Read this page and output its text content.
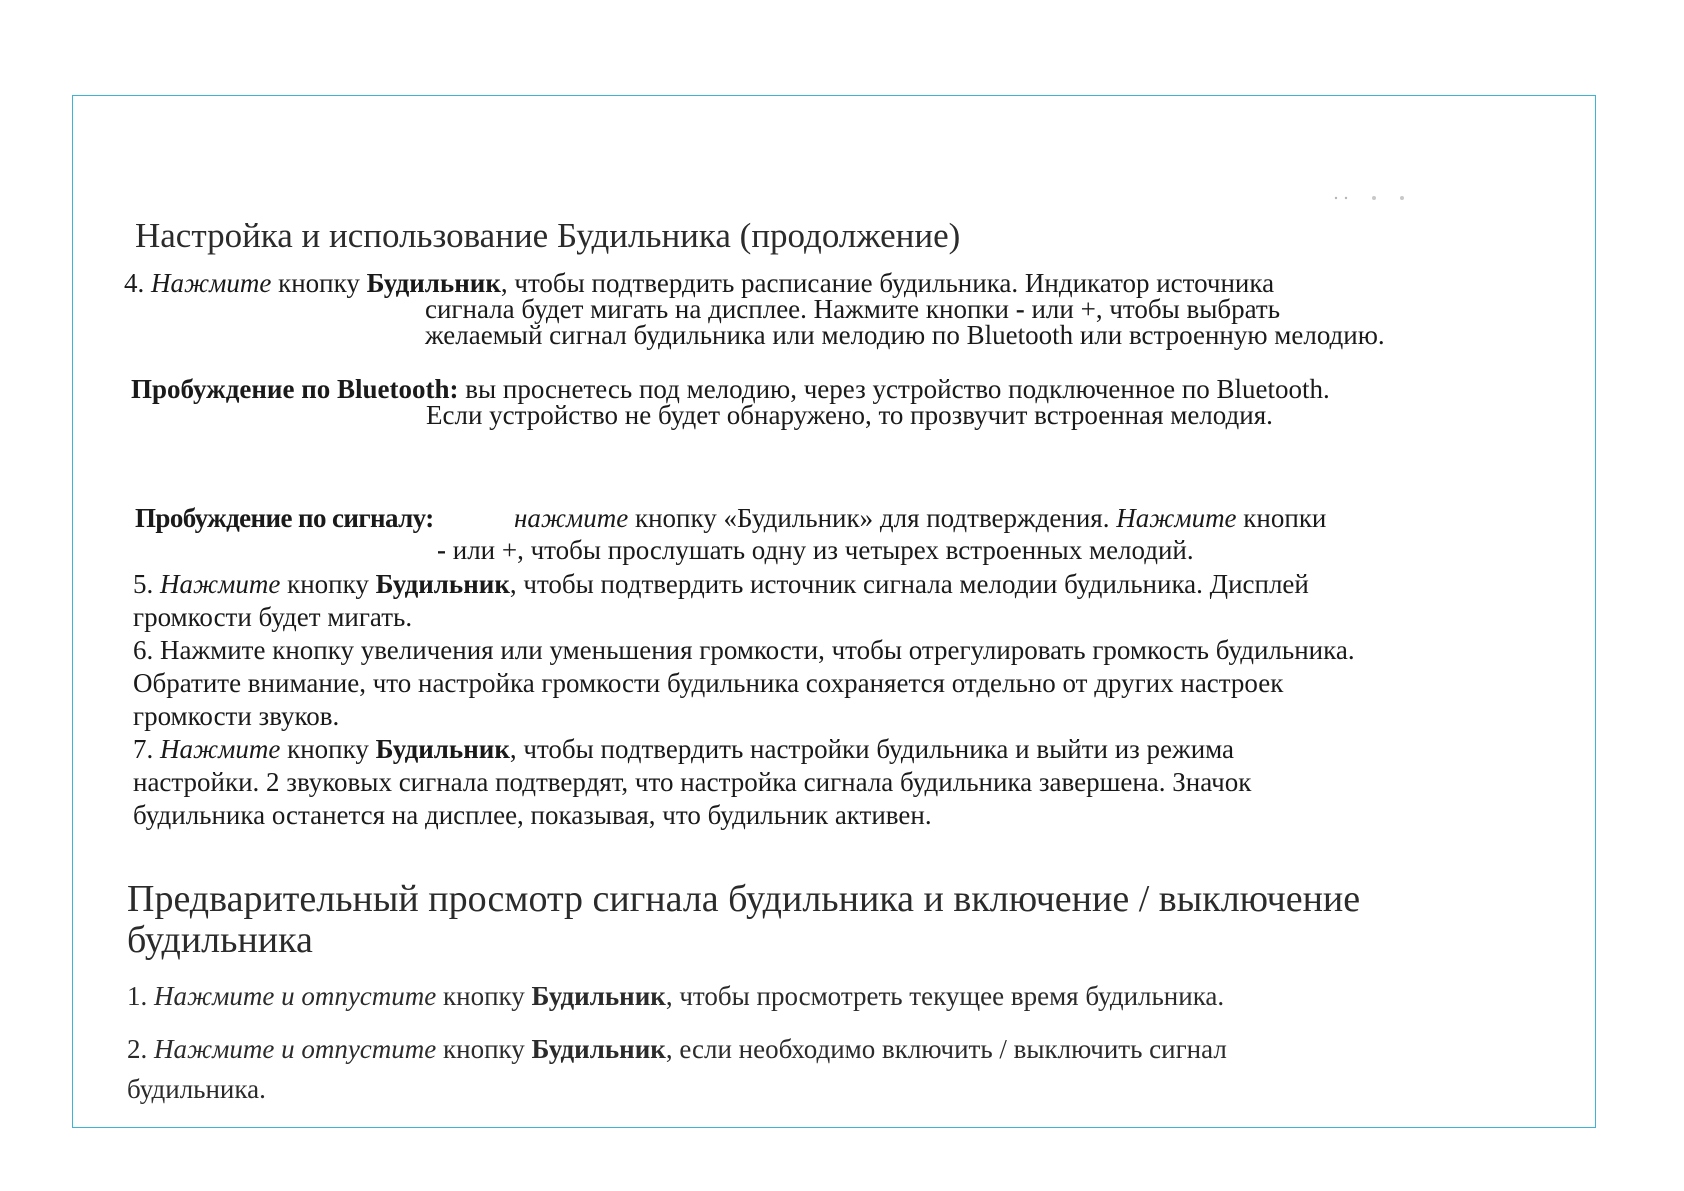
Настройка и использование Будильника (продолжение)
4. Нажмите кнопку Будильник, чтобы подтвердить расписание будильника. Индикатор источника
сигнала будет мигать на дисплее. Нажмите кнопки - или +, чтобы выбрать
желаемый сигнал будильника или мелодию по Bluetooth или встроенную мелодию.
Пробуждение по Bluetooth: вы проснетесь под мелодию, через устройство подключенное по Bluetooth.
Если устройство не будет обнаружено, то прозвучит встроенная мелодия.
Пробуждение по сигналу:	нажмите кнопку «Будильник» для подтверждения. Нажмите кнопки
- или +, чтобы прослушать одну из четырех встроенных мелодий.
5. Нажмите кнопку Будильник, чтобы подтвердить источник сигнала мелодии будильника. Дисплей
громкости будет мигать.
6. Нажмите кнопку увеличения или уменьшения громкости, чтобы отрегулировать громкость будильника.
Обратите внимание, что настройка громкости будильника сохраняется отдельно от других настроек
громкости звуков.
7. Нажмите кнопку Будильник, чтобы подтвердить настройки будильника и выйти из режима
настройки. 2 звуковых сигнала подтвердят, что настройка сигнала будильника завершена. Значок
будильника останется на дисплее, показывая, что будильник активен.
Предварительный просмотр сигнала будильника и включение / выключение
будильника
1. Нажмите и отпустите кнопку Будильник, чтобы просмотреть текущее время будильника.
2. Нажмите и отпустите кнопку Будильник, если необходимо включить / выключить сигнал
будильника.
